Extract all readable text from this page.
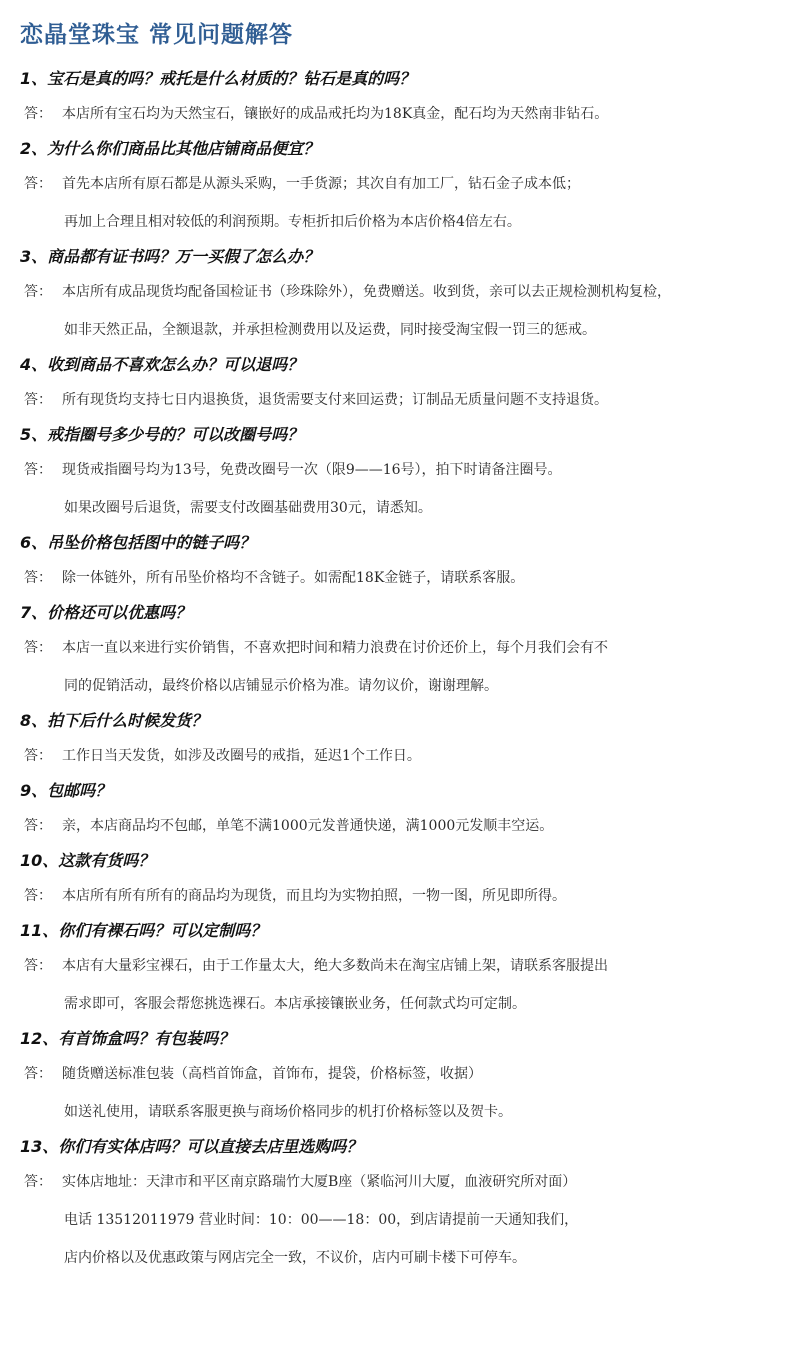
恋晶堂珠宝 常见问题解答
1、宝石是真的吗？戒托是什么材质的？钻石是真的吗？
答： 本店所有宝石均为天然宝石，镶嵌好的成品戒托均为18K真金，配石均为天然南非钻石。
2、为什么你们商品比其他店铺商品便宜？
答： 首先本店所有原石都是从源头采购，一手货源；其次自有加工厂，钻石金子成本低；
再加上合理且相对较低的利润预期。专柜折扣后价格为本店价格4倍左右。
3、商品都有证书吗？万一买假了怎么办？
答： 本店所有成品现货均配备国检证书（珍珠除外），免费赠送。收到货，亲可以去正规检测机构复检，
如非天然正品，全额退款，并承担检测费用以及运费，同时接受淘宝假一罚三的惩戒。
4、收到商品不喜欢怎么办？可以退吗？
答： 所有现货均支持七日内退换货，退货需要支付来回运费；订制品无质量问题不支持退货。
5、戒指圈号多少号的？可以改圈号吗？
答： 现货戒指圈号均为13号，免费改圈号一次（限9——16号），拍下时请备注圈号。
如果改圈号后退货，需要支付改圈基础费用30元，请悉知。
6、吊坠价格包括图中的链子吗？
答： 除一体链外，所有吊坠价格均不含链子。如需配18K金链子，请联系客服。
7、价格还可以优惠吗？
答： 本店一直以来进行实价销售，不喜欢把时间和精力浪费在讨价还价上，每个月我们会有不
同的促销活动，最终价格以店铺显示价格为准。请勿议价，谢谢理解。
8、拍下后什么时候发货？
答： 工作日当天发货，如涉及改圈号的戒指，延迟1个工作日。
9、包邮吗？
答： 亲，本店商品均不包邮，单笔不满1000元发普通快递，满1000元发顺丰空运。
10、这款有货吗？
答： 本店所有所有所有的商品均为现货，而且均为实物拍照，一物一图，所见即所得。
11、你们有裸石吗？可以定制吗？
答： 本店有大量彩宝裸石，由于工作量太大，绝大多数尚未在淘宝店铺上架，请联系客服提出
需求即可，客服会帮您挑选裸石。本店承接镶嵌业务，任何款式均可定制。
12、有首饰盒吗？有包装吗？
答： 随货赠送标准包装（高档首饰盒，首饰布，提袋，价格标签，收据）
如送礼使用，请联系客服更换与商场价格同步的机打价格标签以及贺卡。
13、你们有实体店吗？可以直接去店里选购吗？
答： 实体店地址：天津市和平区南京路瑞竹大厦B座（紧临河川大厦，血液研究所对面）
电话 13512011979 营业时间：10：00——18：00，到店请提前一天通知我们，
店内价格以及优惠政策与网店完全一致，不议价，店内可刷卡楼下可停车。
